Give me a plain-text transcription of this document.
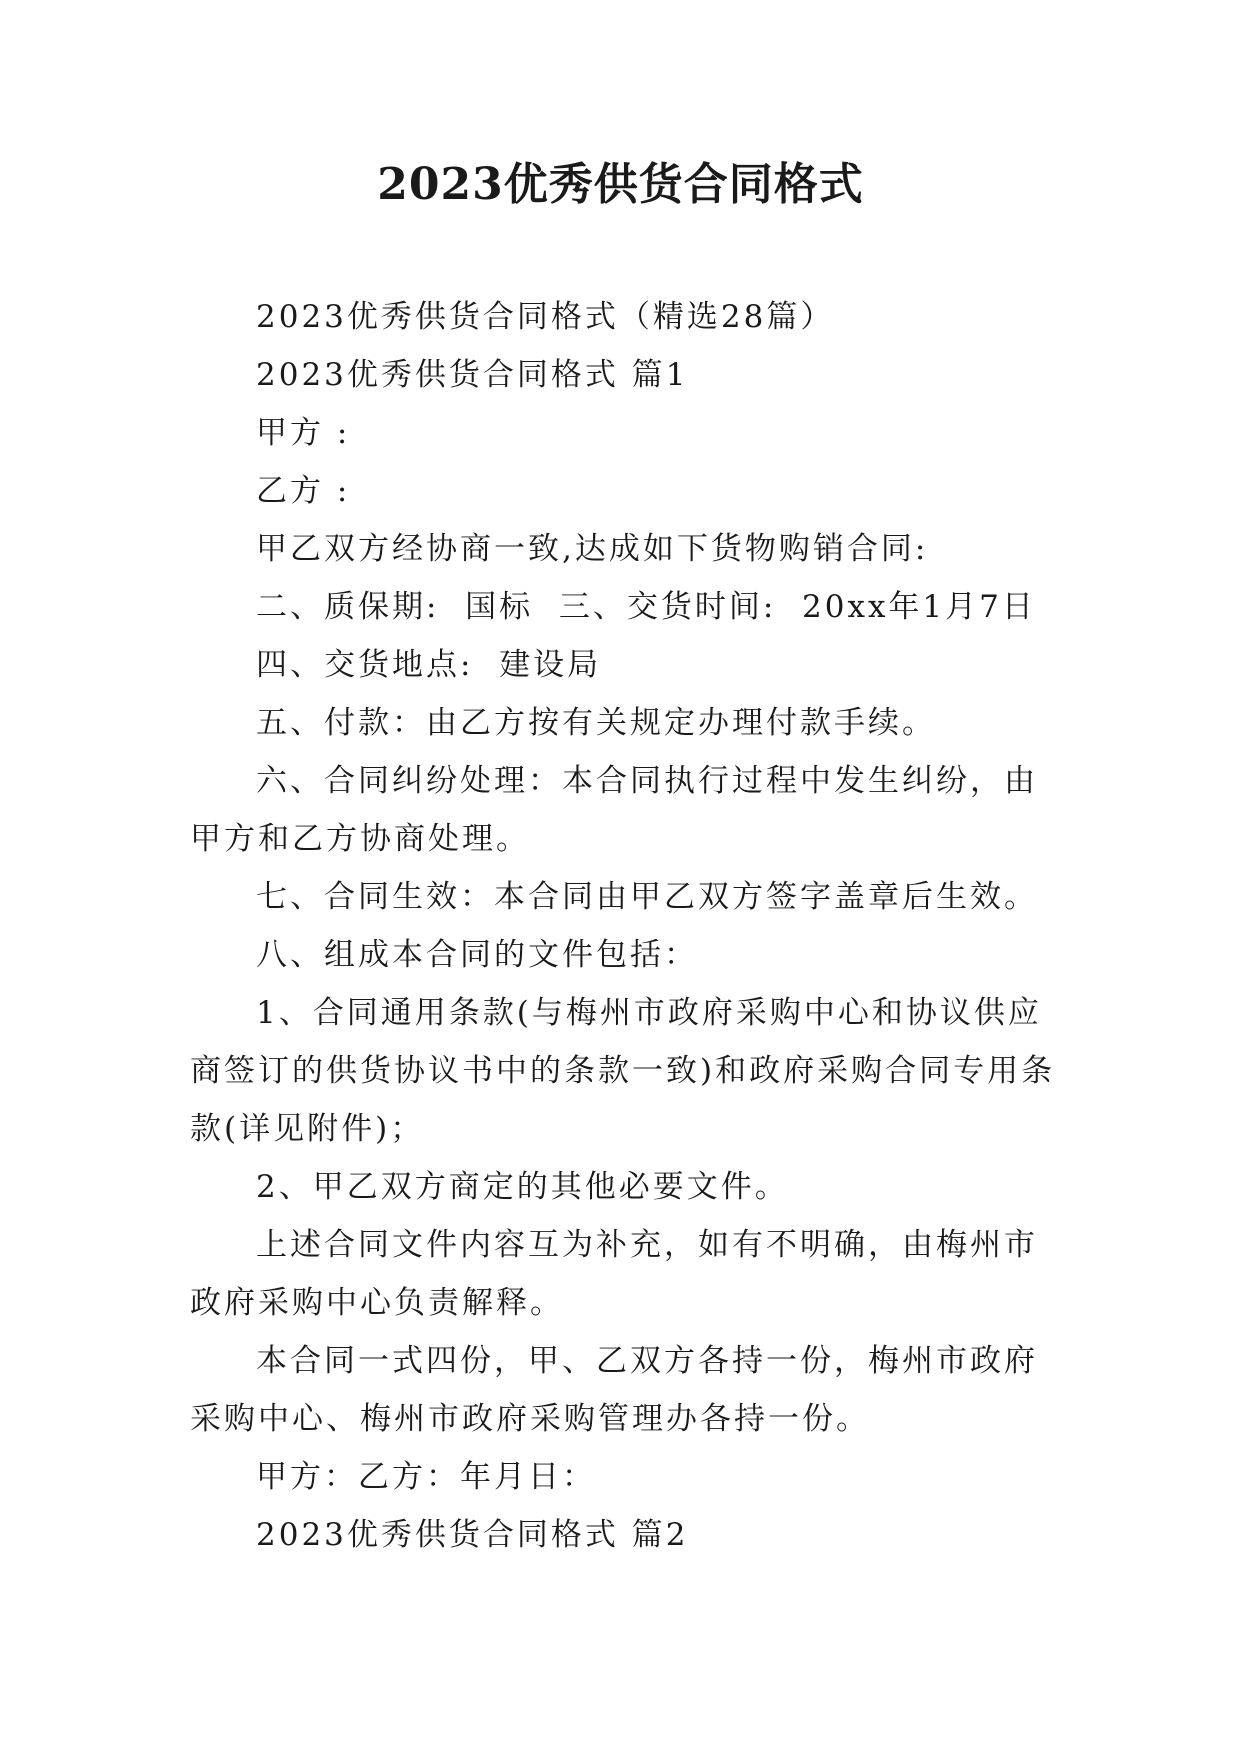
2023优秀供货合同格式

2023优秀供货合同格式（精选28篇）

2023优秀供货合同格式 篇1

甲方 :

乙方 :

甲乙双方经协商一致,达成如下货物购销合同:

二、质保期:  国标  三、交货时间:  20xx年1月7日

四、交货地点:  建设局

五、付款：由乙方按有关规定办理付款手续。

六、合同纠纷处理：本合同执行过程中发生纠纷，由甲方和乙方协商处理。

七、合同生效：本合同由甲乙双方签字盖章后生效。

八、组成本合同的文件包括：

1、合同通用条款(与梅州市政府采购中心和协议供应商签订的供货协议书中的条款一致)和政府采购合同专用条款(详见附件)；

2、甲乙双方商定的其他必要文件。

上述合同文件内容互为补充，如有不明确，由梅州市政府采购中心负责解释。

本合同一式四份，甲、乙双方各持一份，梅州市政府采购中心、梅州市政府采购管理办各持一份。

甲方：乙方：年月日：

2023优秀供货合同格式 篇2
